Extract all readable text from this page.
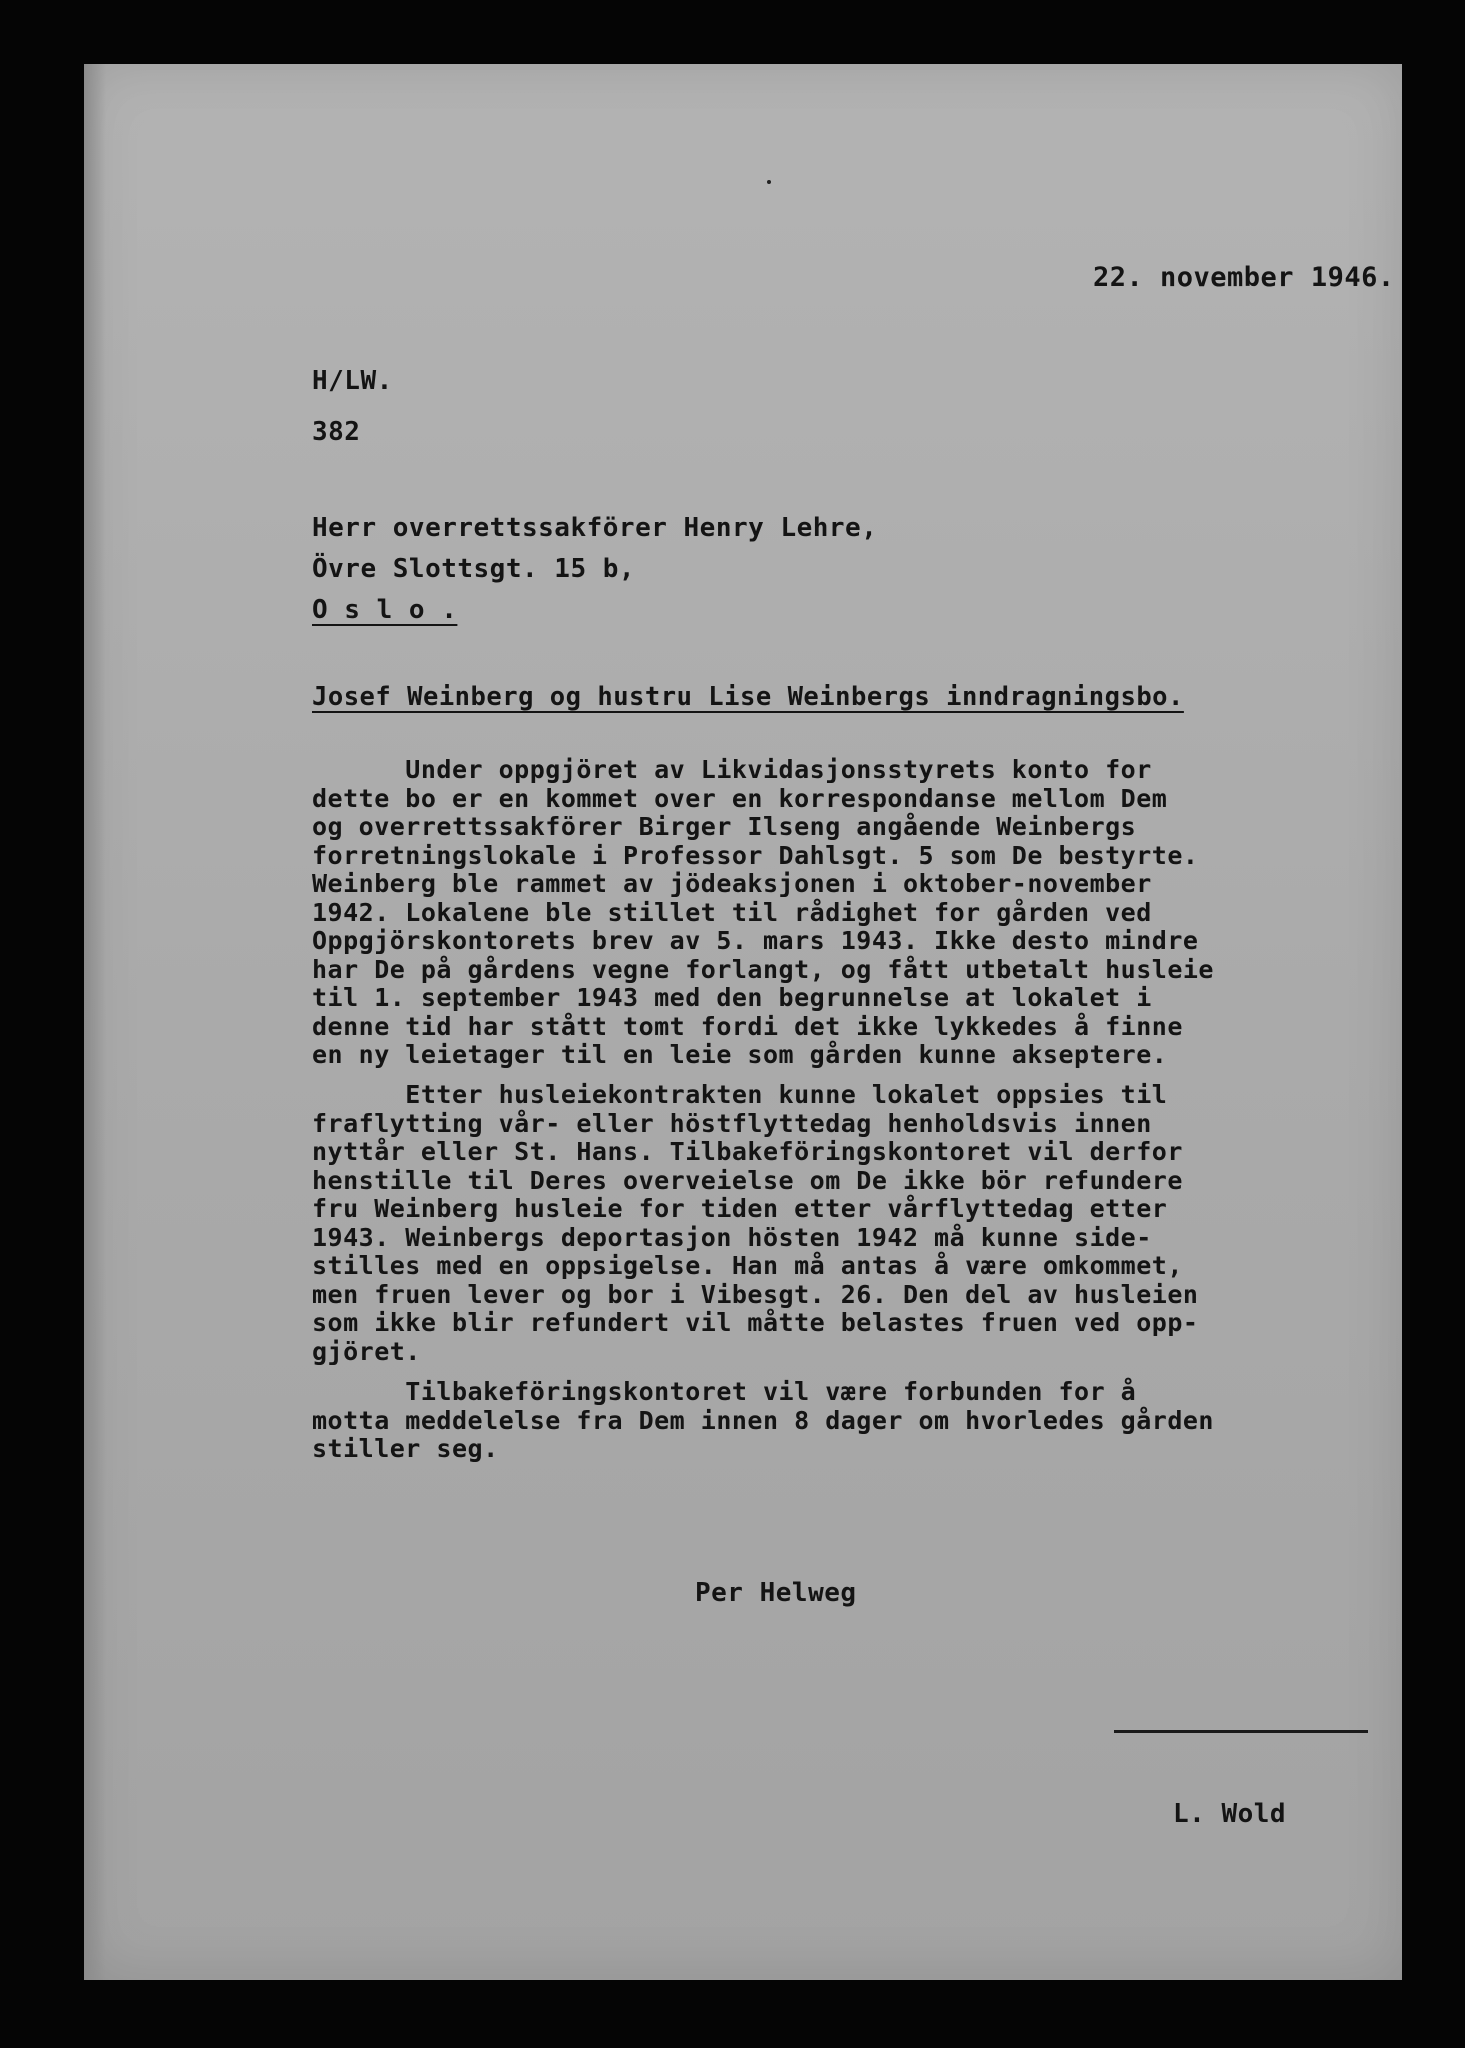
22. november 1946.
H/LW.
382
Herr overrettssakförer Henry Lehre,
Övre Slottsgt. 15 b,
O s l o .
Josef Weinberg og hustru Lise Weinbergs inndragningsbo.
Under oppgjöret av Likvidasjonsstyrets konto for
dette bo er en kommet over en korrespondanse mellom Dem
og overrettssakförer Birger Ilseng angående Weinbergs
forretningslokale i Professor Dahlsgt. 5 som De bestyrte.
Weinberg ble rammet av jödeaksjonen i oktober-november
1942. Lokalene ble stillet til rådighet for gården ved
Oppgjörskontorets brev av 5. mars 1943. Ikke desto mindre
har De på gårdens vegne forlangt, og fått utbetalt husleie
til 1. september 1943 med den begrunnelse at lokalet i
denne tid har stått tomt fordi det ikke lykkedes å finne
en ny leietager til en leie som gården kunne akseptere.
Etter husleiekontrakten kunne lokalet oppsies til
fraflytting vår- eller höstflyttedag henholdsvis innen
nyttår eller St. Hans. Tilbakeföringskontoret vil derfor
henstille til Deres overveielse om De ikke bör refundere
fru Weinberg husleie for tiden etter vårflyttedag etter
1943. Weinbergs deportasjon hösten 1942 må kunne side-
stilles med en oppsigelse. Han må antas å være omkommet,
men fruen lever og bor i Vibesgt. 26. Den del av husleien
som ikke blir refundert vil måtte belastes fruen ved opp-
gjöret.
Tilbakeföringskontoret vil være forbunden for å
motta meddelelse fra Dem innen 8 dager om hvorledes gården
stiller seg.
Per Helweg
L. Wold
